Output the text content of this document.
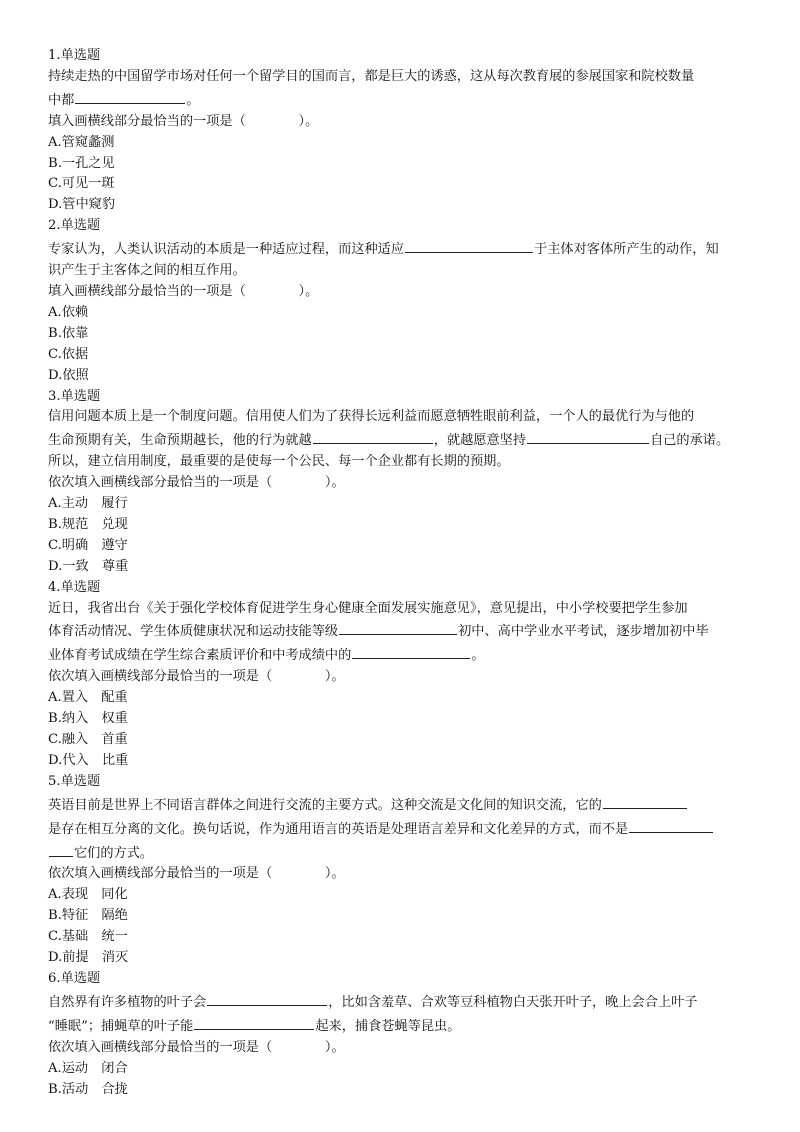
1.单选题
持续走热的中国留学市场对任何一个留学目的国而言，都是巨大的诱惑，这从每次教育展的参展国家和院校数量
中都	。
填入画横线部分最恰当的一项是（　　　　）。
A.管窥蠡测
B.一孔之见
C.可见一斑
D.管中窥豹
2.单选题
专家认为，人类认识活动的本质是一种适应过程，而这种适应	于主体对客体所产生的动作，知
识产生于主客体之间的相互作用。
填入画横线部分最恰当的一项是（　　　　）。
A.依赖
B.依靠
C.依据
D.依照
3.单选题
信用问题本质上是一个制度问题。信用使人们为了获得长远利益而愿意牺牲眼前利益，一个人的最优行为与他的
生命预期有关，生命预期越长，他的行为就越	，就越愿意坚持	自己的承诺。
所以，建立信用制度，最重要的是使每一个公民、每一个企业都有长期的预期。
依次填入画横线部分最恰当的一项是（　　　　）。
A.主动　履行
B.规范　兑现
C.明确　遵守
D.一致　尊重
4.单选题
近日，我省出台《关于强化学校体育促进学生身心健康全面发展实施意见》，意见提出，中小学校要把学生参加
体育活动情况、学生体质健康状况和运动技能等级	初中、高中学业水平考试，逐步增加初中毕
业体育考试成绩在学生综合素质评价和中考成绩中的	。
依次填入画横线部分最恰当的一项是（　　　　）。
A.置入　配重
B.纳入　权重
C.融入　首重
D.代入　比重
5.单选题
英语目前是世界上不同语言群体之间进行交流的主要方式。这种交流是文化间的知识交流，它的
是存在相互分离的文化。换句话说，作为通用语言的英语是处理语言差异和文化差异的方式，而不是
它们的方式。
依次填入画横线部分最恰当的一项是（　　　　）。
A.表现　同化
B.特征　隔绝
C.基础　统一
D.前提　消灭
6.单选题
自然界有许多植物的叶子会	，比如含羞草、合欢等豆科植物白天张开叶子，晚上会合上叶子
“睡眠”；捕蝇草的叶子能	起来，捕食苍蝇等昆虫。
依次填入画横线部分最恰当的一项是（　　　　）。
A.运动　闭合
B.活动　合拢
